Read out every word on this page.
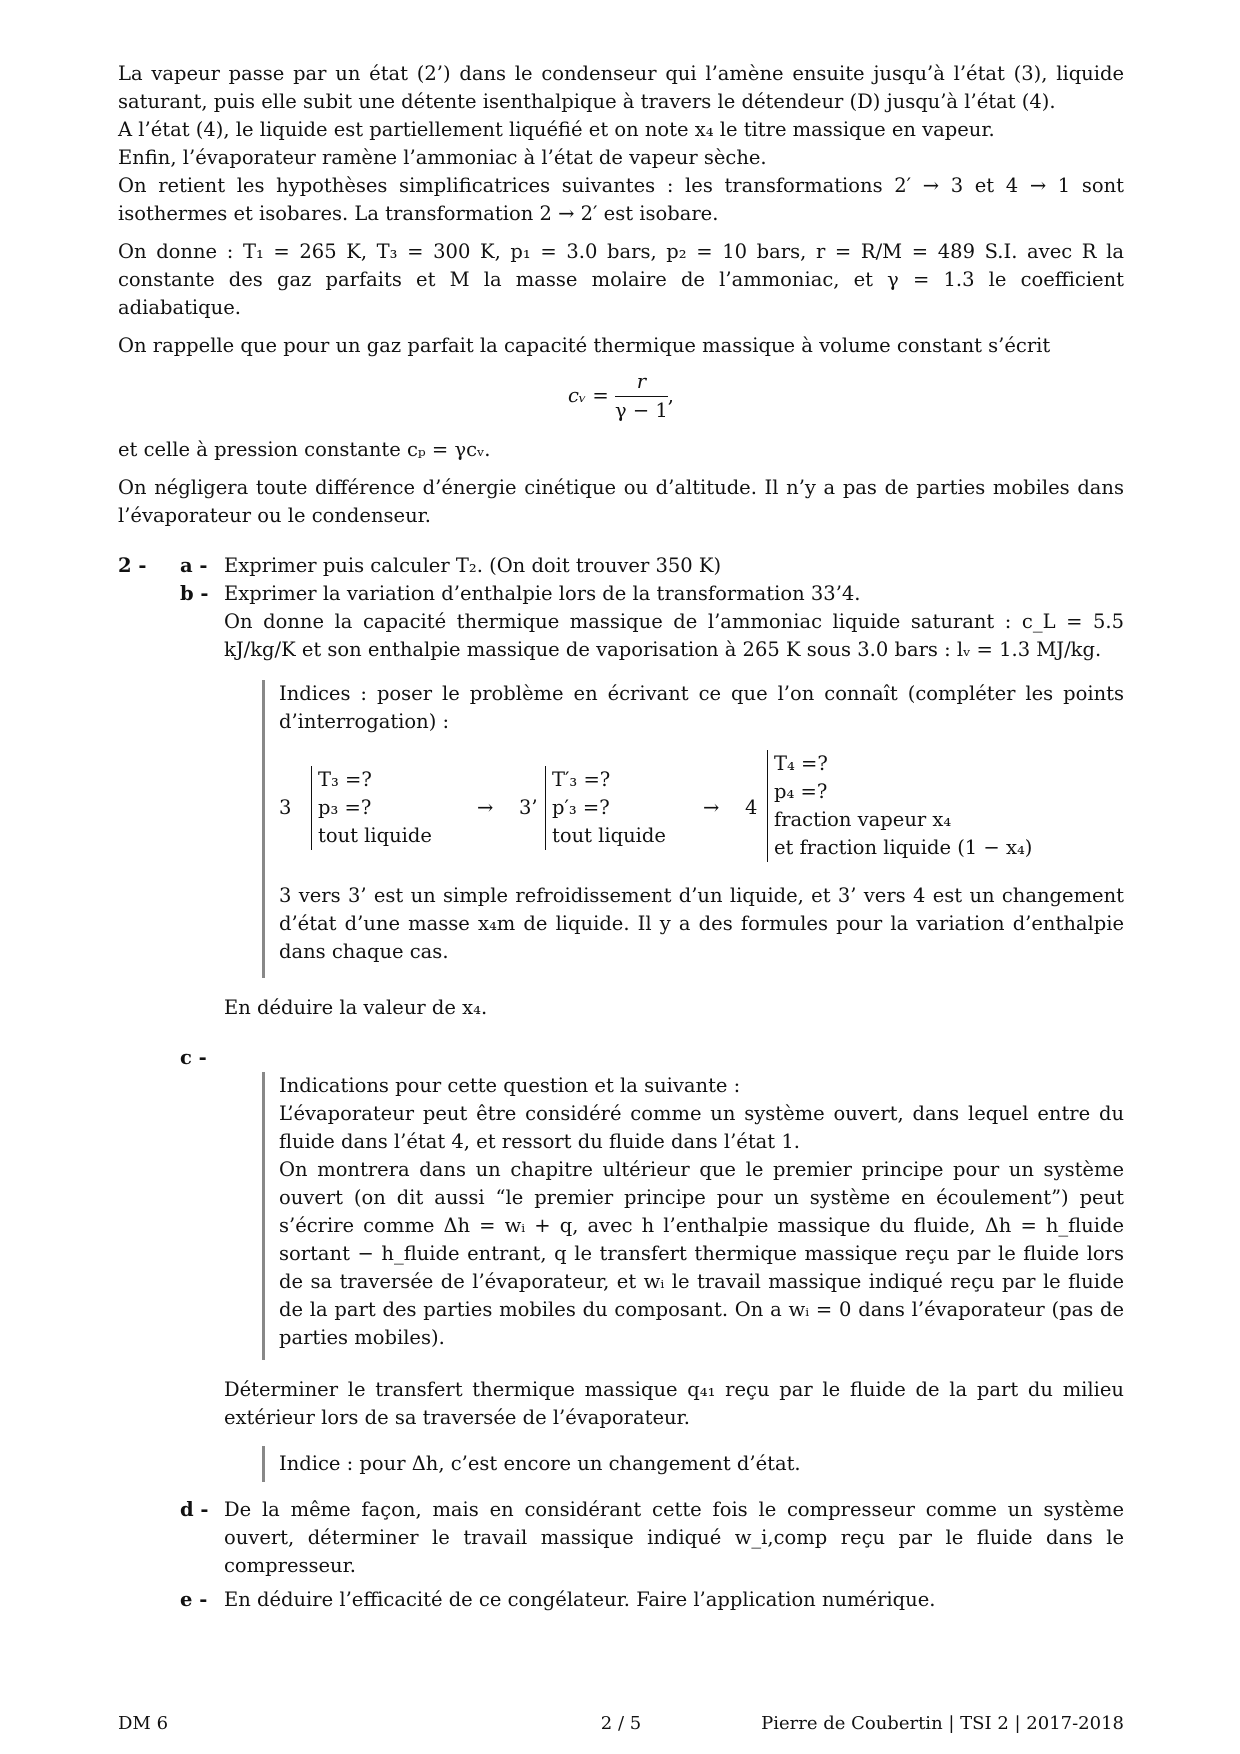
La vapeur passe par un état (2’) dans le condenseur qui l’amène ensuite jusqu’à l’état (3), liquide saturant, puis elle subit une détente isenthalpique à travers le détendeur (D) jusqu’à l’état (4).

A l’état (4), le liquide est partiellement liquéfié et on note x₄ le titre massique en vapeur.

Enfin, l’évaporateur ramène l’ammoniac à l’état de vapeur sèche.

On retient les hypothèses simplificatrices suivantes : les transformations 2′ → 3 et 4 → 1 sont isothermes et isobares. La transformation 2 → 2′ est isobare.

On donne : T₁ = 265 K, T₃ = 300 K, p₁ = 3.0 bars, p₂ = 10 bars, r = R/M = 489 S.I. avec R la constante des gaz parfaits et M la masse molaire de l’ammoniac, et γ = 1.3 le coefficient adiabatique.

On rappelle que pour un gaz parfait la capacité thermique massique à volume constant s’écrit

cᵥ = $\frac{r}{\gamma - 1}$ ,

et celle à pression constante cₚ = γcᵥ.

On négligera toute différence d’énergie cinétique ou d’altitude. Il n’y a pas de parties mobiles dans l’évaporateur ou le condenseur.

2 - a - Exprimer puis calculer T₂. (On doit trouver 350 K)

b - Exprimer la variation d’enthalpie lors de la transformation 33’4.

On donne la capacité thermique massique de l’ammoniac liquide saturant : c_L = 5.5 kJ/kg/K et son enthalpie massique de vaporisation à 265 K sous 3.0 bars : lᵥ = 1.3 MJ/kg.

Indices : poser le problème en écrivant ce que l’on connaît (compléter les points d’interrogation) :

3
T₃ =?
p₃ =?
tout liquide
→ 3’
T′₃ =?
p′₃ =?
tout liquide
→ 4
T₄ =?
p₄ =?
fraction vapeur x₄
et fraction liquide (1 − x₄)

3 vers 3’ est un simple refroidissement d’un liquide, et 3’ vers 4 est un changement d’état d’une masse x₄m de liquide. Il y a des formules pour la variation d’enthalpie dans chaque cas.

En déduire la valeur de x₄.

c -

Indications pour cette question et la suivante :

L’évaporateur peut être considéré comme un système ouvert, dans lequel entre du fluide dans l’état 4, et ressort du fluide dans l’état 1.

On montrera dans un chapitre ultérieur que le premier principe pour un système ouvert (on dit aussi “le premier principe pour un système en écoulement”) peut s’écrire comme Δh = wᵢ + q, avec h l’enthalpie massique du fluide, Δh = h_fluide sortant − h_fluide entrant, q le transfert thermique massique reçu par le fluide lors de sa traversée de l’évaporateur, et wᵢ le travail massique indiqué reçu par le fluide de la part des parties mobiles du composant. On a wᵢ = 0 dans l’évaporateur (pas de parties mobiles).

Déterminer le transfert thermique massique q₄₁ reçu par le fluide de la part du milieu extérieur lors de sa traversée de l’évaporateur.

Indice : pour Δh, c’est encore un changement d’état.

d - De la même façon, mais en considérant cette fois le compresseur comme un système ouvert, déterminer le travail massique indiqué w_i,comp reçu par le fluide dans le compresseur.

e - En déduire l’efficacité de ce congélateur. Faire l’application numérique.

DM 6	2 / 5	Pierre de Coubertin | TSI 2 | 2017-2018
